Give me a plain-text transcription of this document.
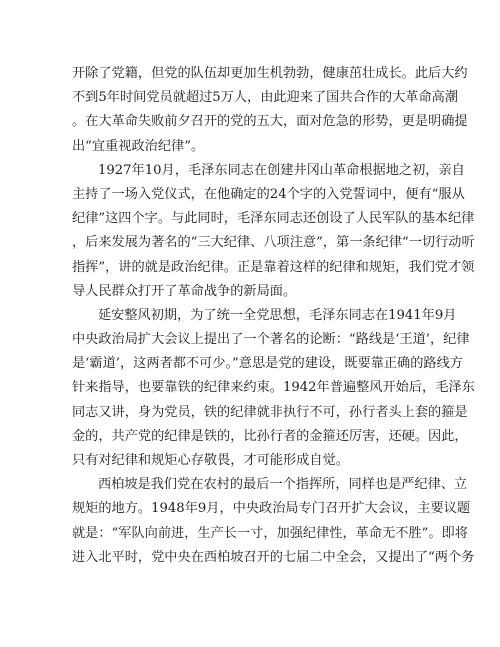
开除了党籍，但党的队伍却更加生机勃勃，健康茁壮成长。此后大约
不到5年时间党员就超过5万人，由此迎来了国共合作的大革命高潮
。在大革命失败前夕召开的党的五大，面对危急的形势，更是明确提
出“宜重视政治纪律”。
1927年10月，毛泽东同志在创建井冈山革命根据地之初，亲自
主持了一场入党仪式，在他确定的24个字的入党誓词中，便有“服从
纪律”这四个字。与此同时，毛泽东同志还创设了人民军队的基本纪律
，后来发展为著名的“三大纪律、八项注意”，第一条纪律“一切行动听
指挥”，讲的就是政治纪律。正是靠着这样的纪律和规矩，我们党才领
导人民群众打开了革命战争的新局面。
延安整风初期，为了统一全党思想，毛泽东同志在1941年9月
中央政治局扩大会议上提出了一个著名的论断：“路线是‘王道’，纪律
是‘霸道’，这两者都不可少。”意思是党的建设，既要靠正确的路线方
针来指导，也要靠铁的纪律来约束。1942年普遍整风开始后，毛泽东
同志又讲，身为党员，铁的纪律就非执行不可，孙行者头上套的箍是
金的，共产党的纪律是铁的，比孙行者的金箍还厉害，还硬。因此，
只有对纪律和规矩心存敬畏，才可能形成自觉。
西柏坡是我们党在农村的最后一个指挥所，同样也是严纪律、立
规矩的地方。1948年9月，中央政治局专门召开扩大会议，主要议题
就是：“军队向前进，生产长一寸，加强纪律性，革命无不胜”。即将
进入北平时，党中央在西柏坡召开的七届二中全会，又提出了“两个务
